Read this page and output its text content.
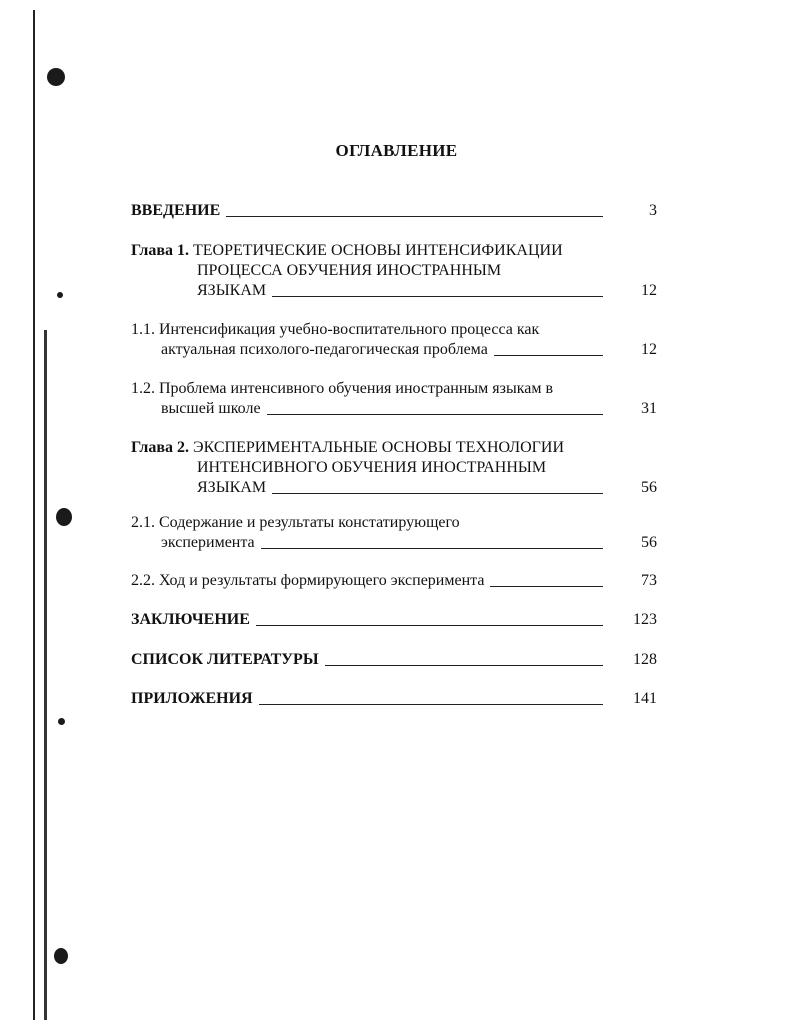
ОГЛАВЛЕНИЕ
ВВЕДЕНИЕ	3
Глава 1.
ТЕОРЕТИЧЕСКИЕ ОСНОВЫ ИНТЕНСИФИКАЦИИ
ПРОЦЕССА ОБУЧЕНИЯ ИНОСТРАННЫМ
ЯЗЫКАМ	12
1.1. Интенсификация учебно-воспитательного процесса как
актуальная психолого-педагогическая проблема	12
1.2. Проблема интенсивного обучения иностранным языкам в
высшей школе	31
Глава 2.
ЭКСПЕРИМЕНТАЛЬНЫЕ ОСНОВЫ ТЕХНОЛОГИИ
ИНТЕНСИВНОГО ОБУЧЕНИЯ ИНОСТРАННЫМ
ЯЗЫКАМ	56
2.1. Содержание и результаты констатирующего
эксперимента	56
2.2. Ход и результаты формирующего эксперимента	73
ЗАКЛЮЧЕНИЕ	123
СПИСОК ЛИТЕРАТУРЫ	128
ПРИЛОЖЕНИЯ	141
